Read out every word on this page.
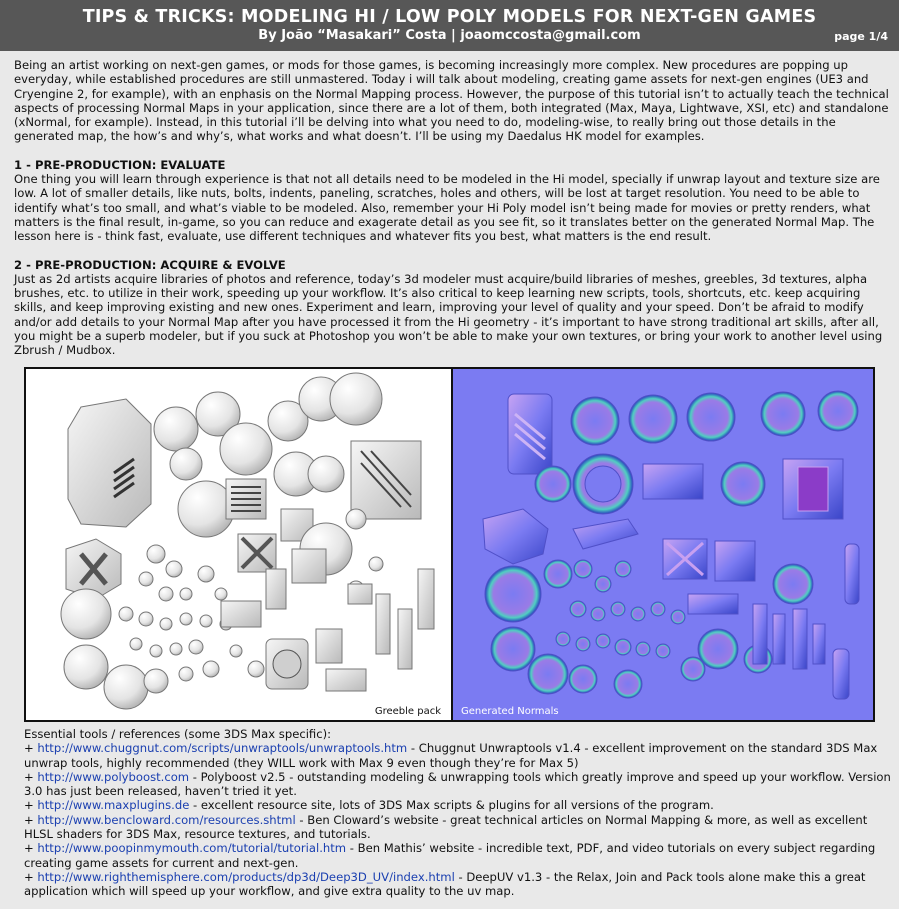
TIPS & TRICKS: MODELING HI / LOW POLY MODELS FOR NEXT-GEN GAMES
By João “Masakari” Costa | joaomccosta@gmail.com	page 1/4

Being an artist working on next-gen games, or mods for those games, is becoming increasingly more complex. New procedures are popping up everyday, while established procedures are still unmastered. Today i will talk about modeling, creating game assets for next-gen engines (UE3 and Cryengine 2, for example), with an enphasis on the Normal Mapping process. However, the purpose of this tutorial isn’t to actually teach the technical aspects of processing Normal Maps in your application, since there are a lot of them, both integrated (Max, Maya, Lightwave, XSI, etc) and standalone (xNormal, for example). Instead, in this tutorial i’ll be delving into what you need to do, modeling-wise, to really bring out those details in the generated map, the how’s and why’s, what works and what doesn’t. I’ll be using my Daedalus HK model for examples.

1 - PRE-PRODUCTION: EVALUATE

One thing you will learn through experience is that not all details need to be modeled in the Hi model, specially if unwrap layout and texture size are low. A lot of smaller details, like nuts, bolts, indents, paneling, scratches, holes and others, will be lost at target resolution. You need to be able to identify what’s too small, and what’s viable to be modeled. Also, remember your Hi Poly model isn’t being made for movies or pretty renders, what matters is the final result, in-game, so you can reduce and exagerate detail as you see fit, so it translates better on the generated Normal Map. The lesson here is - think fast, evaluate, use different techniques and whatever fits you best, what matters is the end result.

2 - PRE-PRODUCTION: ACQUIRE & EVOLVE

Just as 2d artists acquire libraries of photos and reference, today’s 3d modeler must acquire/build libraries of meshes, greebles, 3d textures, alpha brushes, etc. to utilize in their work, speeding up your workflow. It’s also critical to keep learning new scripts, tools, shortcuts, etc. keep acquiring skills, and keep improving existing and new ones. Experiment and learn, improving your level of quality and your speed. Don’t be afraid to modify and/or add details to your Normal Map after you have processed it from the Hi geometry - it’s important to have strong traditional art skills, after all, you might be a superb modeler, but if you suck at Photoshop you won’t be able to make your own textures, or bring your work to another level using Zbrush / Mudbox.

Greeble pack Generated Normals
Essential tools / references (some 3DS Max specific):
+ http://www.chuggnut.com/scripts/unwraptools/unwraptools.htm - Chuggnut Unwraptools v1.4 - excellent improvement on the standard 3DS Max unwrap tools, highly recommended (they WILL work with Max 9 even though they’re for Max 5)
+ http://www.polyboost.com - Polyboost v2.5 - outstanding modeling & unwrapping tools which greatly improve and speed up your workflow. Version 3.0 has just been released, haven’t tried it yet.
+ http://www.maxplugins.de - excellent resource site, lots of 3DS Max scripts & plugins for all versions of the program.
+ http://www.bencloward.com/resources.shtml - Ben Cloward’s website - great technical articles on Normal Mapping & more, as well as excellent HLSL shaders for 3DS Max, resource textures, and tutorials.
+ http://www.poopinmymouth.com/tutorial/tutorial.htm - Ben Mathis’ website - incredible text, PDF, and video tutorials on every subject regarding creating game assets for current and next-gen.
+ http://www.righthemisphere.com/products/dp3d/Deep3D_UV/index.html - DeepUV v1.3 - the Relax, Join and Pack tools alone make this a great application which will speed up your workflow, and give extra quality to the uv map.
